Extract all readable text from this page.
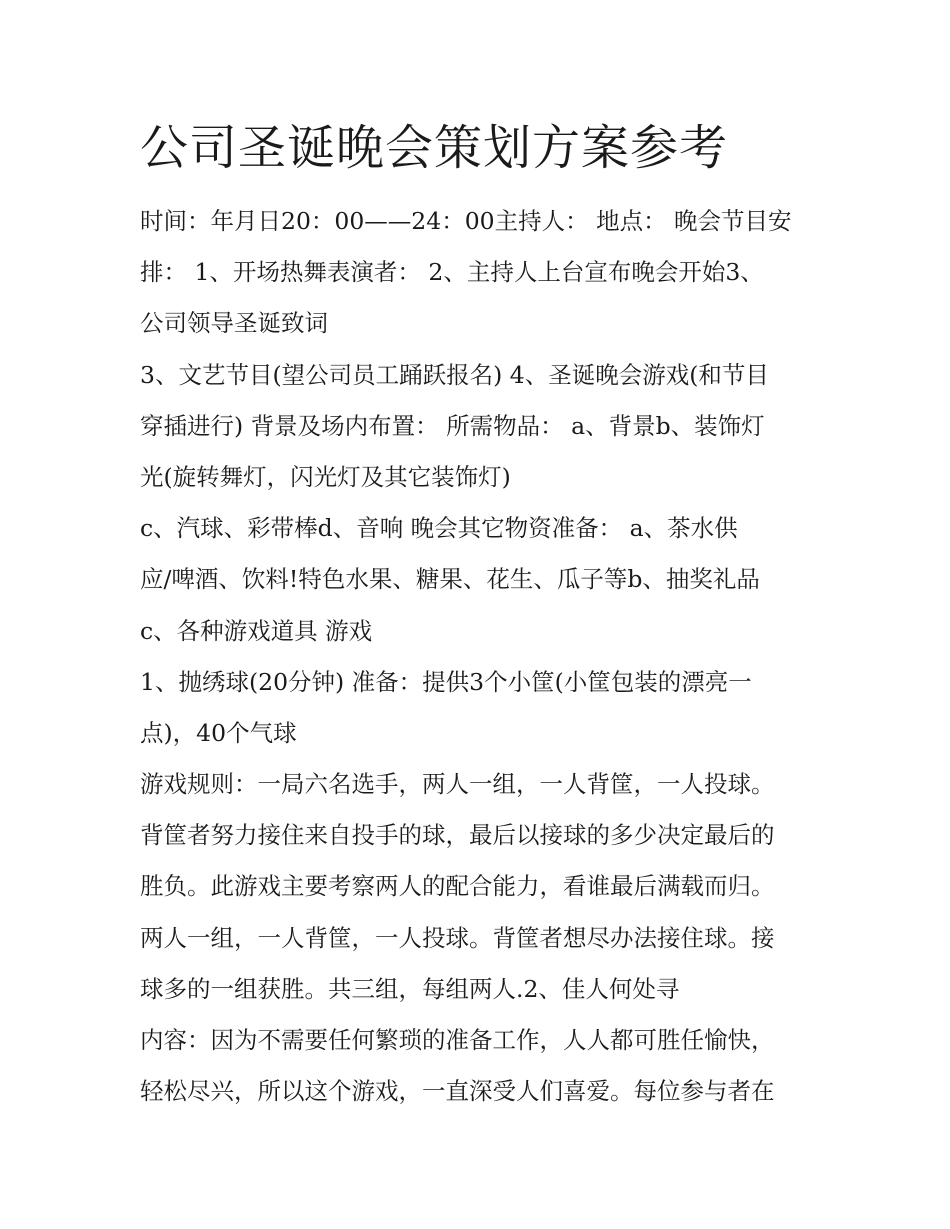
公司圣诞晚会策划方案参考

时间：年月日20：00——24：00主持人： 地点： 晚会节目安

排： 1、开场热舞表演者： 2、主持人上台宣布晚会开始3、

公司领导圣诞致词

3、文艺节目(望公司员工踊跃报名) 4、圣诞晚会游戏(和节目

穿插进行) 背景及场内布置： 所需物品： a、背景b、装饰灯

光(旋转舞灯，闪光灯及其它装饰灯)

c、汽球、彩带棒d、音响 晚会其它物资准备： a、茶水供

应/啤酒、饮料!特色水果、糖果、花生、瓜子等b、抽奖礼品

c、各种游戏道具 游戏

1、抛绣球(20分钟) 准备：提供3个小筐(小筐包装的漂亮一

点)，40个气球

游戏规则：一局六名选手，两人一组，一人背筐，一人投球。

背筐者努力接住来自投手的球，最后以接球的多少决定最后的

胜负。此游戏主要考察两人的配合能力，看谁最后满载而归。

两人一组，一人背筐，一人投球。背筐者想尽办法接住球。接

球多的一组获胜。共三组，每组两人.2、佳人何处寻

内容：因为不需要任何繁琐的准备工作，人人都可胜任愉快，

轻松尽兴，所以这个游戏，一直深受人们喜爱。每位参与者在
